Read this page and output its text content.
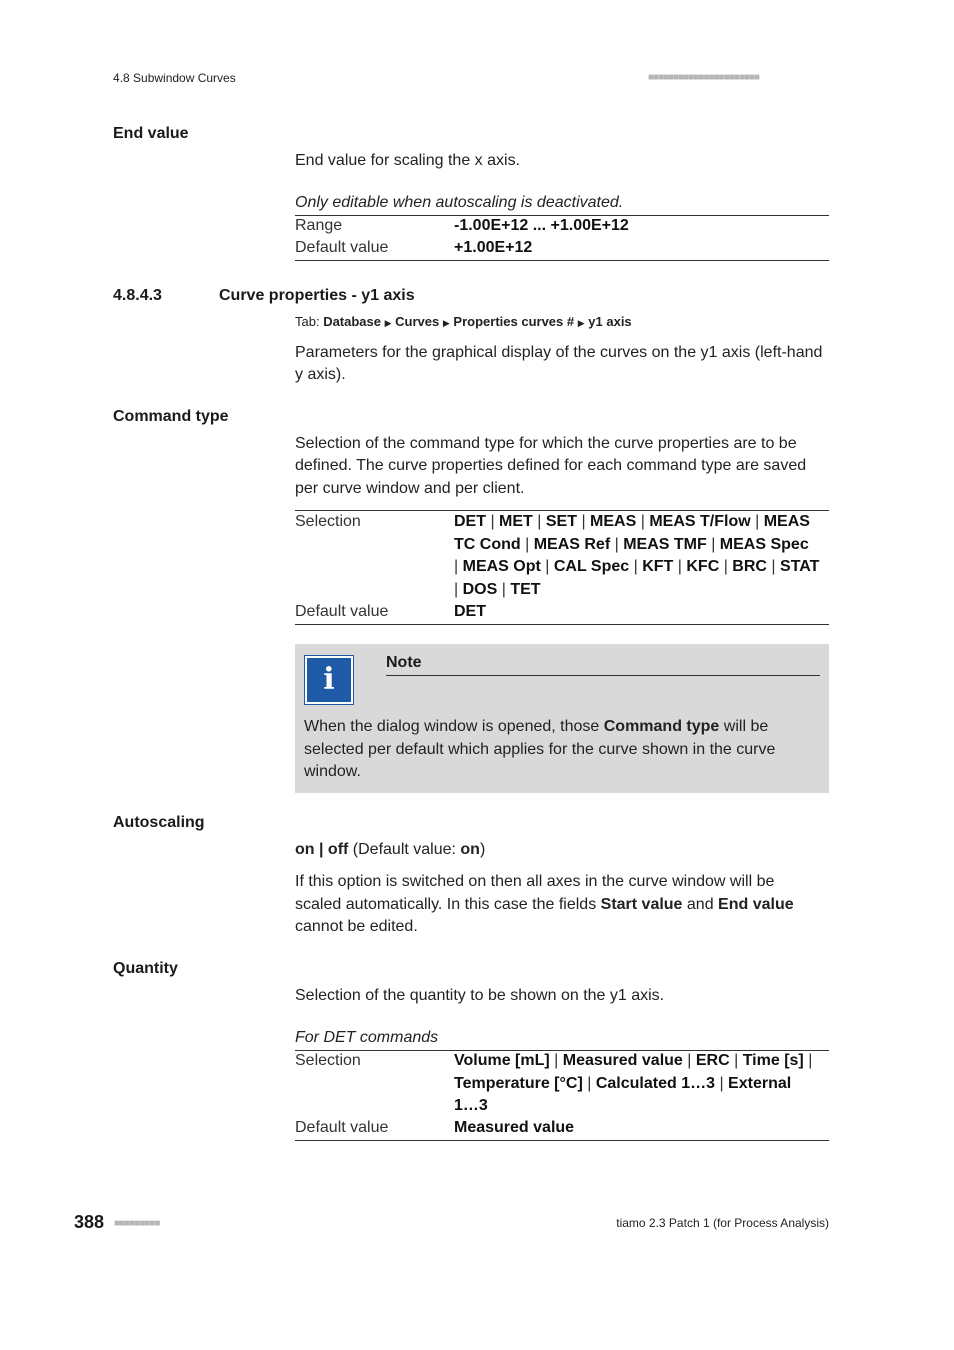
4.8 Subwindow Curves	■■■■■■■■■■■■■■■■■■■■■■
End value
End value for scaling the x axis.
Only editable when autoscaling is deactivated.
Range	-1.00E+12 ... +1.00E+12
Default value	+1.00E+12
4.8.4.3	Curve properties - y1 axis
Tab: Database ▶ Curves ▶ Properties curves # ▶ y1 axis
Parameters for the graphical display of the curves on the y1 axis (left-hand
y axis).
Command type
Selection of the command type for which the curve properties are to be
defined. The curve properties defined for each command type are saved
per curve window and per client.
Selection	DET | MET | SET | MEAS | MEAS T/Flow | MEAS
TC Cond | MEAS Ref | MEAS TMF | MEAS Spec
| MEAS Opt | CAL Spec | KFT | KFC | BRC | STAT
| DOS | TET
Default value	DET
i	Note
When the dialog window is opened, those Command type will be
selected per default which applies for the curve shown in the curve
window.
Autoscaling
on | off (Default value: on)
If this option is switched on then all axes in the curve window will be
scaled automatically. In this case the fields Start value and End value
cannot be edited.
Quantity
Selection of the quantity to be shown on the y1 axis.
For DET commands
Selection	Volume [mL] | Measured value | ERC | Time [s] |
Temperature [°C] | Calculated 1…3 | External
1…3
Default value	Measured value
388 ■■■■■■■■■	tiamo 2.3 Patch 1 (for Process Analysis)
